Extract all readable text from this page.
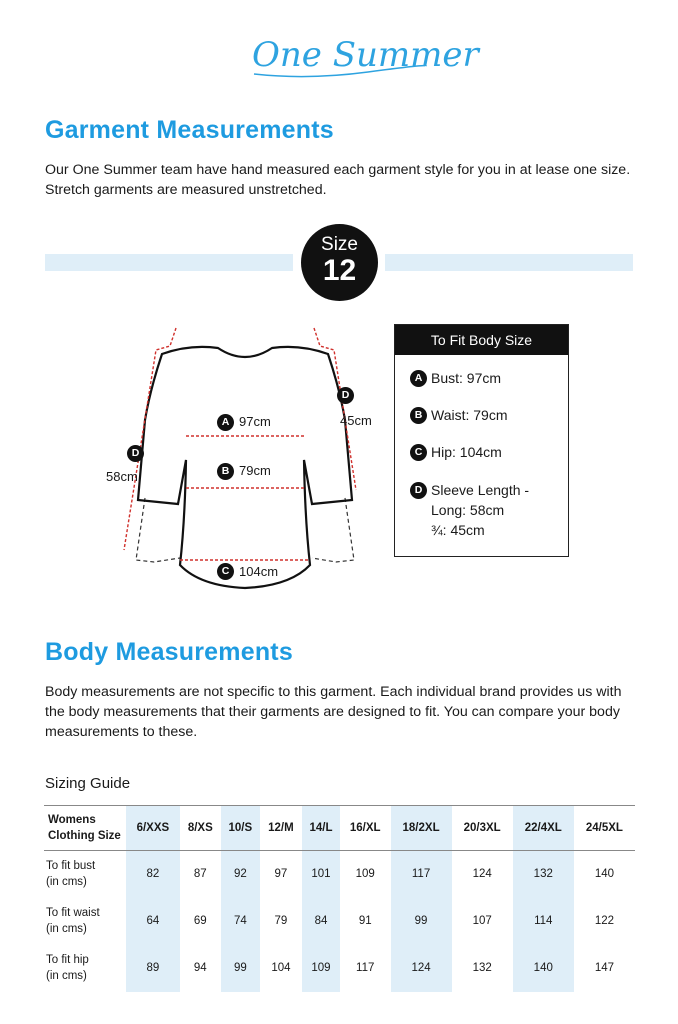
One Summer
Garment Measurements

Our One Summer team have hand measured each garment style for you in at lease one size. Stretch garments are measured unstretched.

Size
12
A 97cm
B 79cm
C 104cm
D
58cm
D
45cm
To Fit Body Size
A Bust: 97cm
B Waist: 79cm
C Hip: 104cm
D Sleeve Length -
Long: 58cm
¾: 45cm
Body Measurements

Body measurements are not specific to this garment. Each individual brand provides us with the body measurements that their garments are designed to fit. You can compare your body measurements to these.

Sizing Guide
Womens
Clothing Size	6/XXS	8/XS	10/S	12/M	14/L	16/XL	18/2XL	20/3XL	22/4XL	24/5XL
To fit bust
(in cms)	82	87	92	97	101	109	117	124	132	140
To fit waist
(in cms)	64	69	74	79	84	91	99	107	114	122
To fit hip
(in cms)	89	94	99	104	109	117	124	132	140	147
